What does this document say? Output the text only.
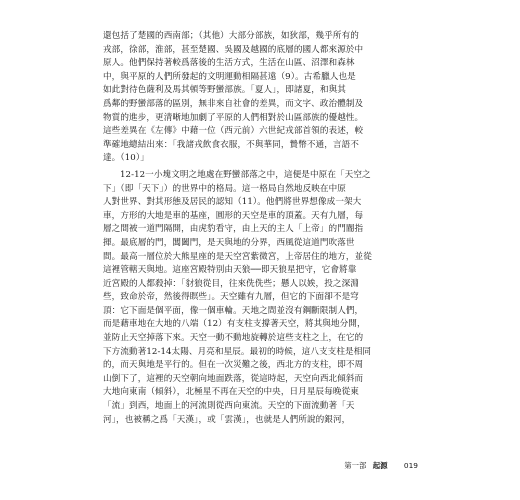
還包括了楚國的西南部；（其他）大部分部族，如狄部，幾乎所有的
戎部，徐部，淮部，甚至楚國、吳國及越國的底層的國人都來源於中
原人。他們保持著較爲落後的生活方式，生活在山區、沼澤和森林
中，與平原的人們所發起的文明運動相隔甚遠（9）。古希臘人也是
如此對待色薩利及馬其頓等野蠻部族。「夏人」，即諸夏，和與其
爲鄰的野蠻部落的區別，無非來自社會的差異，而文字、政治體制及
物質的進步，更清晰地加劇了平原的人們相對於山區部族的優越性。
這些差異在《左傳》中藉一位（西元前）六世紀戎部首領的表述，較
準確地總結出來：「我諸戎飲食衣服，不與華同，贄幣不通，言語不
達。（10）」
12-12一小塊文明之地處在野蠻部落之中，這便是中原在「天空之
下」（即「天下」）的世界中的格局。這一格局自然地反映在中原
人對世界、對其形態及居民的認知（11）。他們將世界想像成一架大
車，方形的大地是車的基座，圓形的天空是車的頂蓋。天有九層，每
層之間被一道門隔開，由虎豹看守，由上天的主人「上帝」的門閽指
揮。最底層的門，閶闔門，是天與地的分界，西風從這道門吹落世
間。最高一層位於大熊星座的是天空宮紫微宮，上帝居住的地方，並從
這裡管轄天與地。這座宮殿特別由天狼──即天狼星把守，它會將靠
近宮殿的人都殺掉：「豺狼從目，往來侁侁些；懸人以娭，投之深淵
些，致命於帝，然後得瞑些」。天空雖有九層，但它的下面卻不是穹
頂：它下面是個平面，像一個車輪。天地之間並沒有鋼斷限制人們，
而是藉車地在大地的八端（12）有支柱支撐著天空，將其與地分開，
並防止天空掉落下來。天空一動不動地旋轉於這些支柱之上，在它的
下方流動著12-14太陽、月亮和星辰。最初的時候，這八支支柱是相同
的，而天與地是平行的。但在一次災難之後，西北方的支柱，即不周
山倒下了，這裡的天空朝向地面跌落，從這時起，天空向西北傾斜而
大地向東南（傾斜），北極星不再在天空的中央，日月星辰每晚從東
「流」到西，地面上的河流則從西向東流。天空的下面流動著「天
河」，也被稱之爲「天漢」，或「雲漢」，也就是人們所說的銀河，
第一部 起源 019
